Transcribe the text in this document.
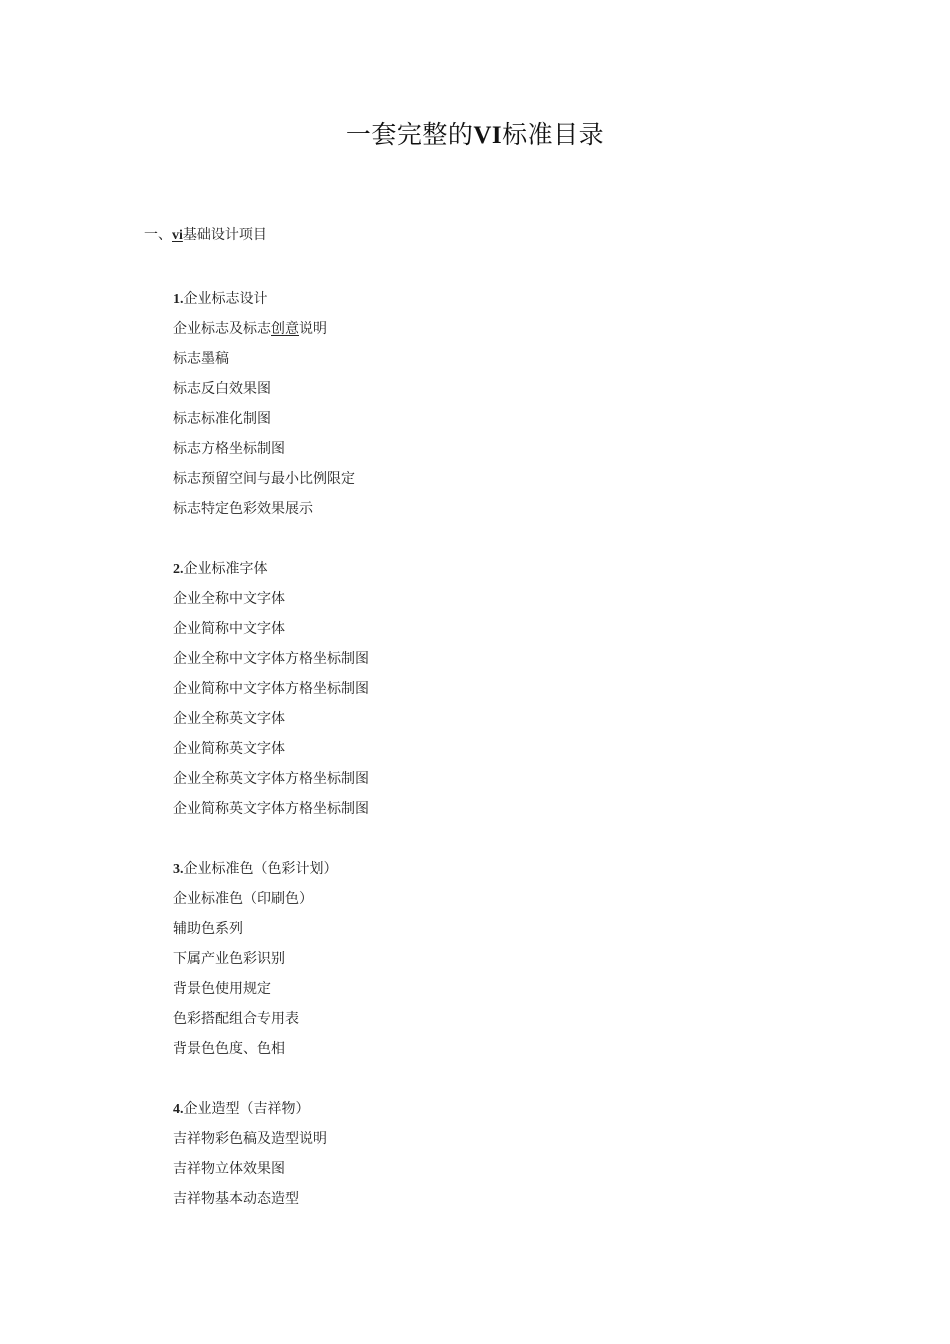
一套完整的VI标准目录
一、vi基础设计项目
1.企业标志设计
企业标志及标志创意说明
标志墨稿
标志反白效果图
标志标准化制图
标志方格坐标制图
标志预留空间与最小比例限定
标志特定色彩效果展示
2.企业标准字体
企业全称中文字体
企业简称中文字体
企业全称中文字体方格坐标制图
企业简称中文字体方格坐标制图
企业全称英文字体
企业简称英文字体
企业全称英文字体方格坐标制图
企业简称英文字体方格坐标制图
3.企业标准色（色彩计划）
企业标准色（印刷色）
辅助色系列
下属产业色彩识别
背景色使用规定
色彩搭配组合专用表
背景色色度、色相
4.企业造型（吉祥物）
吉祥物彩色稿及造型说明
吉祥物立体效果图
吉祥物基本动态造型
